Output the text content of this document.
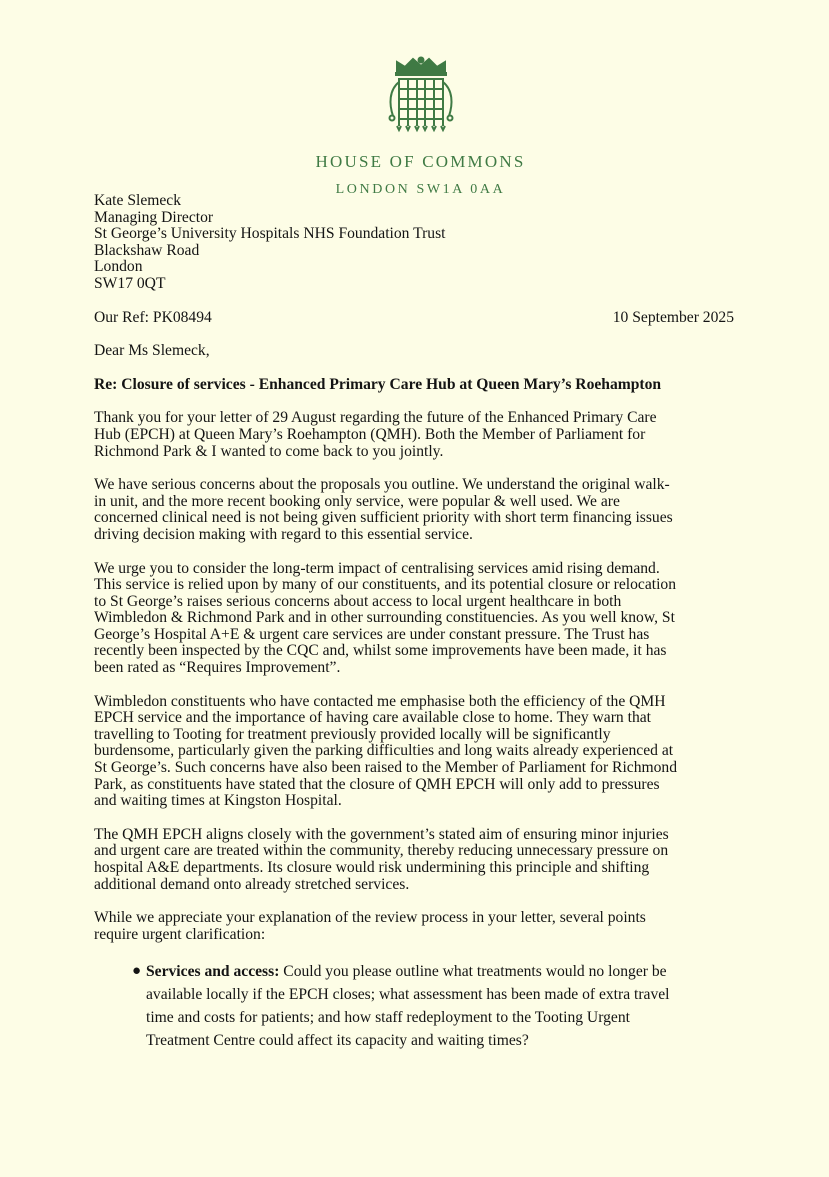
HOUSE OF COMMONS
LONDON SW1A 0AA
Kate Slemeck
Managing Director
St George’s University Hospitals NHS Foundation Trust
Blackshaw Road
London
SW17 0QT
Our Ref: PK08494	10 September 2025
Dear Ms Slemeck,
Re: Closure of services - Enhanced Primary Care Hub at Queen Mary’s Roehampton
Thank you for your letter of 29 August regarding the future of the Enhanced Primary Care
Hub (EPCH) at Queen Mary’s Roehampton (QMH). Both the Member of Parliament for
Richmond Park & I wanted to come back to you jointly.
We have serious concerns about the proposals you outline. We understand the original walk-
in unit, and the more recent booking only service, were popular & well used. We are
concerned clinical need is not being given sufficient priority with short term financing issues
driving decision making with regard to this essential service.
We urge you to consider the long-term impact of centralising services amid rising demand.
This service is relied upon by many of our constituents, and its potential closure or relocation
to St George’s raises serious concerns about access to local urgent healthcare in both
Wimbledon & Richmond Park and in other surrounding constituencies. As you well know, St
George’s Hospital A+E & urgent care services are under constant pressure. The Trust has
recently been inspected by the CQC and, whilst some improvements have been made, it has
been rated as “Requires Improvement”.
Wimbledon constituents who have contacted me emphasise both the efficiency of the QMH
EPCH service and the importance of having care available close to home. They warn that
travelling to Tooting for treatment previously provided locally will be significantly
burdensome, particularly given the parking difficulties and long waits already experienced at
St George’s. Such concerns have also been raised to the Member of Parliament for Richmond
Park, as constituents have stated that the closure of QMH EPCH will only add to pressures
and waiting times at Kingston Hospital.
The QMH EPCH aligns closely with the government’s stated aim of ensuring minor injuries
and urgent care are treated within the community, thereby reducing unnecessary pressure on
hospital A&E departments. Its closure would risk undermining this principle and shifting
additional demand onto already stretched services.
While we appreciate your explanation of the review process in your letter, several points
require urgent clarification:
● Services and access: Could you please outline what treatments would no longer be
available locally if the EPCH closes; what assessment has been made of extra travel
time and costs for patients; and how staff redeployment to the Tooting Urgent
Treatment Centre could affect its capacity and waiting times?
